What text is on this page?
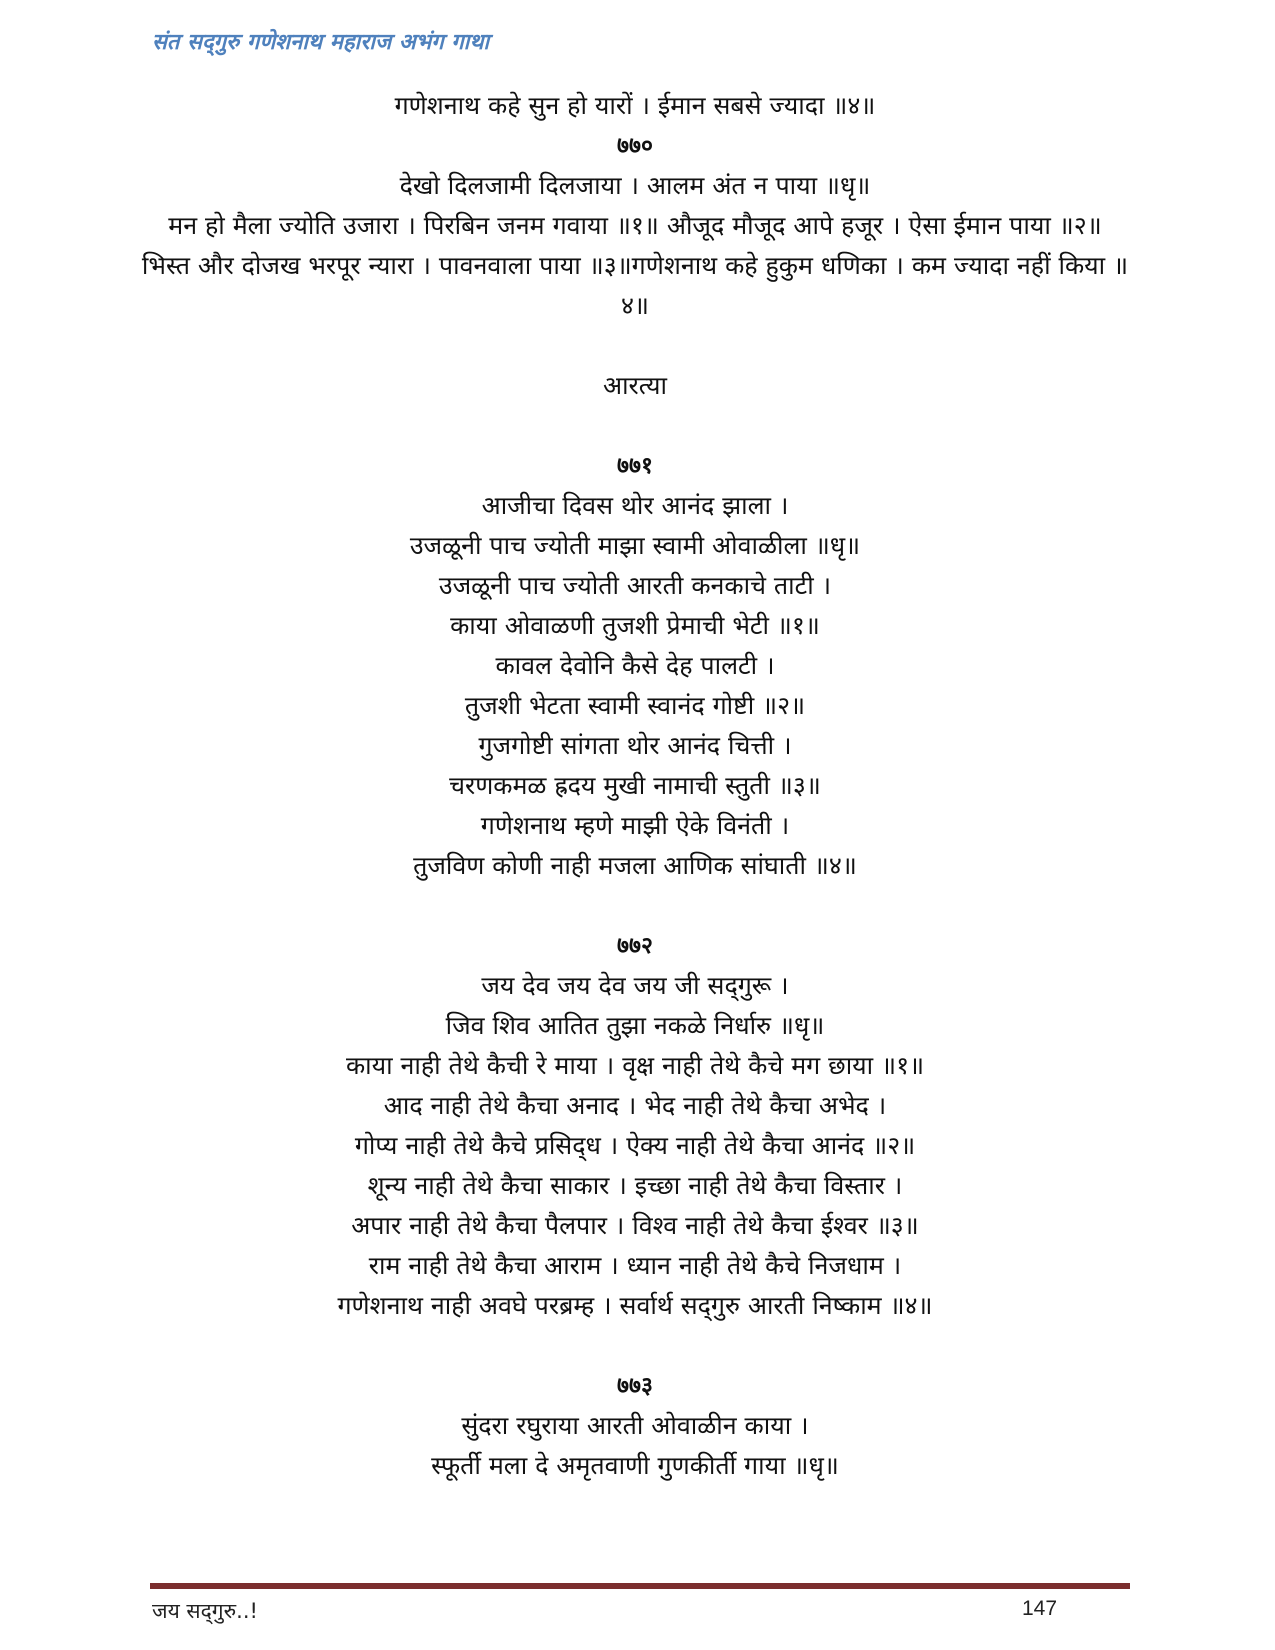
संत सद्‌गुरु गणेशनाथ महाराज अभंग गाथा
गणेशनाथ कहे सुन हो यारों । ईमान सबसे ज्यादा ॥४॥
७७०
देखो दिलजामी दिलजाया । आलम अंत न पाया ॥धृ॥
मन हो मैला ज्योति उजारा । पिरबिन जनम गवाया ॥१॥ औजूद मौजूद आपे हजूर । ऐसा ईमान पाया ॥२॥
भिस्त और दोजख भरपूर न्यारा । पावनवाला पाया ॥३॥गणेशनाथ कहे हुकुम धणिका । कम ज्यादा नहीं किया ॥४॥
आरत्या
७७१
आजीचा दिवस थोर आनंद झाला ।
उजळूनी पाच ज्योती माझा स्वामी ओवाळीला ॥धृ॥
उजळूनी पाच ज्योती आरती कनकाचे ताटी ।
काया ओवाळणी तुजशी प्रेमाची भेटी ॥१॥
कावल देवोनि कैसे देह पालटी ।
तुजशी भेटता स्वामी स्वानंद गोष्टी ॥२॥
गुजगोष्टी सांगता थोर आनंद चित्ती ।
चरणकमळ ह्रदय मुखी नामाची स्तुती ॥३॥
गणेशनाथ म्हणे माझी ऐके विनंती ।
तुजविण कोणी नाही मजला आणिक सांघाती ॥४॥
७७२
जय देव जय देव जय जी सद्‌गुरू ।
जिव शिव आतित तुझा नकळे निर्धारु ॥धृ॥
काया नाही तेथे कैची रे माया । वृक्ष नाही तेथे कैचे मग छाया ॥१॥
आद नाही तेथे कैचा अनाद । भेद नाही तेथे कैचा अभेद ।
गोप्य नाही तेथे कैचे प्रसिद्‌ध । ऐक्य नाही तेथे कैचा आनंद ॥२॥
शून्य नाही तेथे कैचा साकार । इच्छा नाही तेथे कैचा विस्तार ।
अपार नाही तेथे कैचा पैलपार । विश्व नाही तेथे कैचा ईश्वर ॥३॥
राम नाही तेथे कैचा आराम । ध्यान नाही तेथे कैचे निजधाम ।
गणेशनाथ नाही अवघे परब्रम्ह । सर्वार्थ सद्‌गुरु आरती निष्काम ॥४॥
७७३
सुंदरा रघुराया आरती ओवाळीन काया ।
स्फूर्ती मला दे अमृतवाणी गुणकीर्ती गाया ॥धृ॥
जय सद्‌गुरु..!	147
